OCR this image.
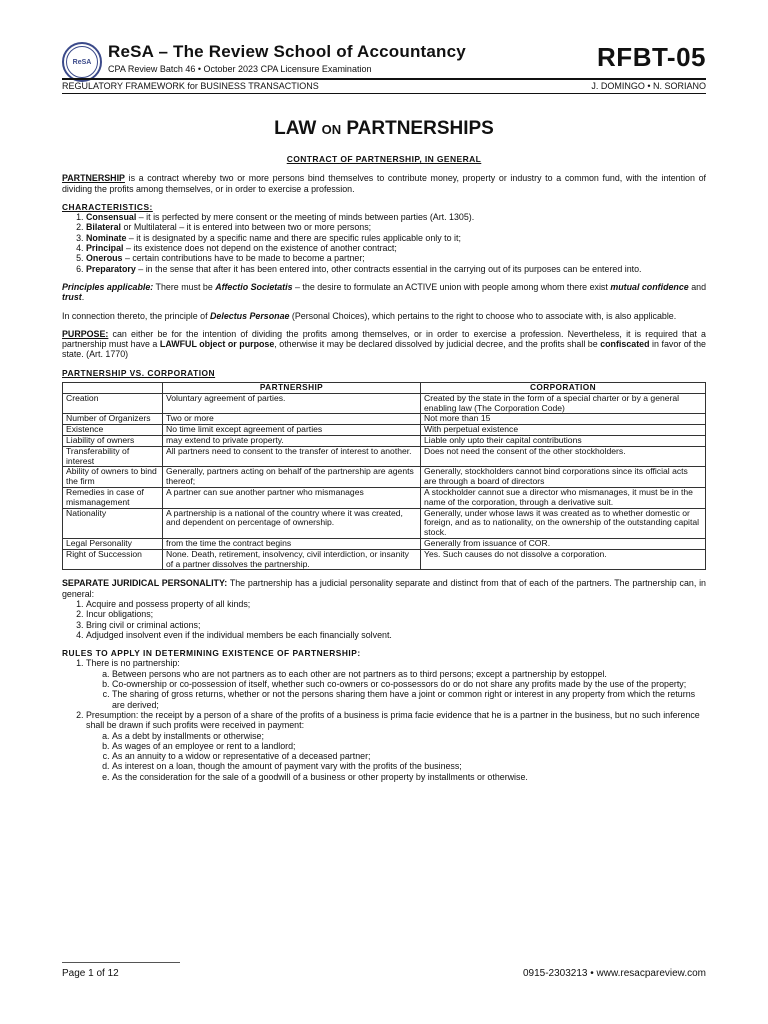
ReSA
ReSA – The Review School of Accountancy
CPA Review Batch 46 • October 2023 CPA Licensure Examination	RFBT-05
REGULATORY FRAMEWORK for BUSINESS TRANSACTIONS	J. DOMINGO • N. SORIANO
LAW ON PARTNERSHIPS
CONTRACT OF PARTNERSHIP, IN GENERAL

PARTNERSHIP is a contract whereby two or more persons bind themselves to contribute money, property or industry to a common fund, with the intention of dividing the profits among themselves, or in order to exercise a profession.

CHARACTERISTICS:
1. Consensual – it is perfected by mere consent or the meeting of minds between parties (Art. 1305).
2. Bilateral or Multilateral – it is entered into between two or more persons;
3. Nominate – it is designated by a specific name and there are specific rules applicable only to it;
4. Principal – its existence does not depend on the existence of another contract;
5. Onerous – certain contributions have to be made to become a partner;
6. Preparatory – in the sense that after it has been entered into, other contracts essential in the carrying out of its purposes can be entered into.

Principles applicable: There must be Affectio Societatis – the desire to formulate an ACTIVE union with people among whom there exist mutual confidence and trust.

In connection thereto, the principle of Delectus Personae (Personal Choices), which pertains to the right to choose who to associate with, is also applicable.

PURPOSE: can either be for the intention of dividing the profits among themselves, or in order to exercise a profession. Nevertheless, it is required that a partnership must have a LAWFUL object or purpose, otherwise it may be declared dissolved by judicial decree, and the profits shall be confiscated in favor of the state. (Art. 1770)

PARTNERSHIP VS. CORPORATION
	PARTNERSHIP	CORPORATION
Creation	Voluntary agreement of parties.	Created by the state in the form of a special charter or by a general enabling law (The Corporation Code)
Number of Organizers	Two or more	Not more than 15
Existence	No time limit except agreement of parties	With perpetual existence
Liability of owners	may extend to private property.	Liable only upto their capital contributions
Transferability of interest	All partners need to consent to the transfer of interest to another.	Does not need the consent of the other stockholders.
Ability of owners to bind the firm	Generally, partners acting on behalf of the partnership are agents thereof;	Generally, stockholders cannot bind corporations since its official acts are through a board of directors
Remedies in case of mismanagement	A partner can sue another partner who mismanages	A stockholder cannot sue a director who mismanages, it must be in the name of the corporation, through a derivative suit.
Nationality	A partnership is a national of the country where it was created, and dependent on percentage of ownership.	Generally, under whose laws it was created as to whether domestic or foreign, and as to nationality, on the ownership of the outstanding capital stock.
Legal Personality	from the time the contract begins	Generally from issuance of COR.
Right of Succession	None. Death, retirement, insolvency, civil interdiction, or insanity of a partner dissolves the partnership.	Yes. Such causes do not dissolve a corporation.

SEPARATE JURIDICAL PERSONALITY: The partnership has a judicial personality separate and distinct from that of each of the partners. The partnership can, in general:

1. Acquire and possess property of all kinds;
2. Incur obligations;
3. Bring civil or criminal actions;
4. Adjudged insolvent even if the individual members be each financially solvent.
RULES TO APPLY IN DETERMINING EXISTENCE OF PARTNERSHIP:
1. There is no partnership:
a. Between persons who are not partners as to each other are not partners as to third persons; except a partnership by estoppel.
b. Co-ownership or co-possession of itself, whether such co-owners or co-possessors do or do not share any profits made by the use of the property;
c. The sharing of gross returns, whether or not the persons sharing them have a joint or common right or interest in any property from which the returns are derived;
2. Presumption: the receipt by a person of a share of the profits of a business is prima facie evidence that he is a partner in the business, but no such inference shall be drawn if such profits were received in payment:
a. As a debt by installments or otherwise;
b. As wages of an employee or rent to a landlord;
c. As an annuity to a widow or representative of a deceased partner;
d. As interest on a loan, though the amount of payment vary with the profits of the business;
e. As the consideration for the sale of a goodwill of a business or other property by installments or otherwise.
Page 1 of 12	0915-2303213 • www.resacpareview.com
